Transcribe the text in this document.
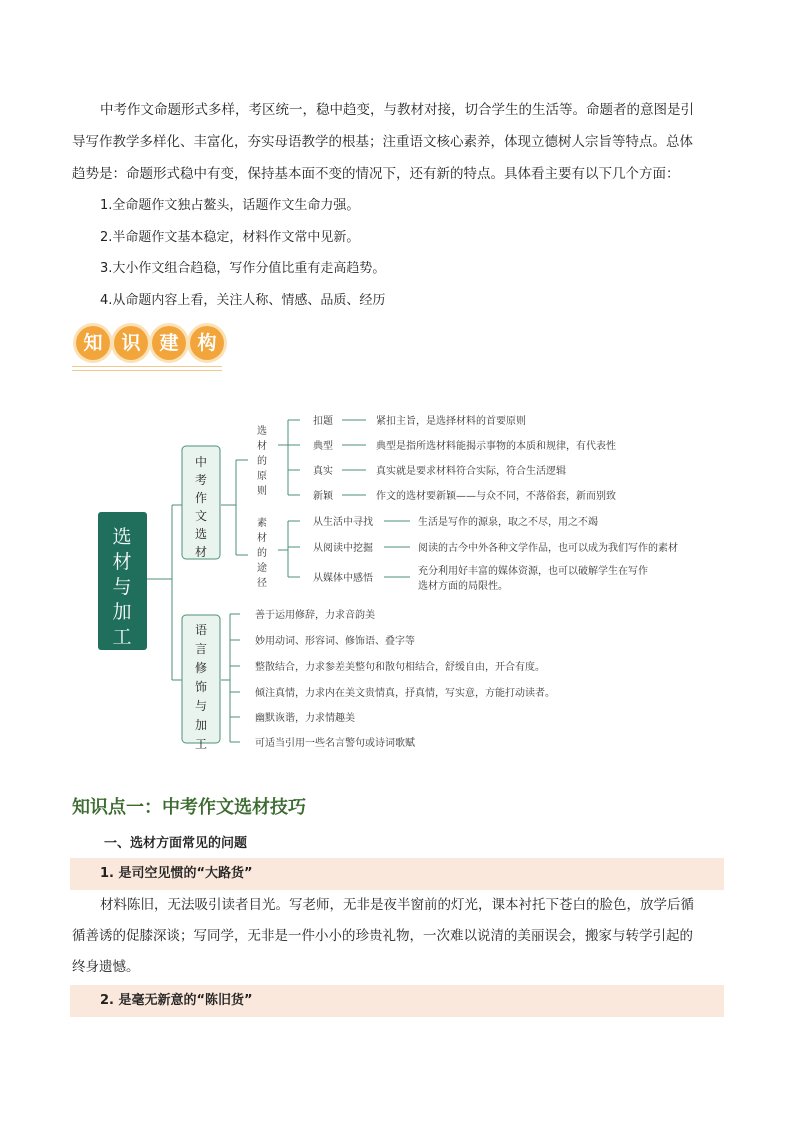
中考作文命题形式多样，考区统一，稳中趋变，与教材对接，切合学生的生活等。命题者的意图是引

导写作教学多样化、丰富化，夯实母语教学的根基；注重语文核心素养，体现立德树人宗旨等特点。总体
趋势是：命题形式稳中有变，保持基本面不变的情况下，还有新的特点。具体看主要有以下几个方面：
1.全命题作文独占鳌头，话题作文生命力强。
2.半命题作文基本稳定，材料作文常中见新。
3.大小作文组合趋稳，写作分值比重有走高趋势。
4.从命题内容上看，关注人称、情感、品质、经历
知 识 建 构
选
材
与
加
工
中
考
作
文
选
材
语
言
修
饰
与
加
工
选
材
的
原
则
素
材
的
途
径
扣题	紧扣主旨，是选择材料的首要原则
典型	典型是指所选材料能揭示事物的本质和规律，有代表性
真实	真实就是要求材料符合实际，符合生活逻辑
新颖	作文的选材要新颖——与众不同，不落俗套，新而别致
从生活中寻找	生活是写作的源泉，取之不尽，用之不竭
从阅读中挖掘	阅读的古今中外各种文学作品，也可以成为我们写作的素材
从媒体中感悟
充分利用好丰富的媒体资源，也可以破解学生在写作
选材方面的局限性。
善于运用修辞，力求音韵美
妙用动词、形容词、修饰语、叠字等
整散结合，力求参差美整句和散句相结合，舒缓自由，开合有度。
倾注真情，力求内在美文贵情真，抒真情，写实意，方能打动读者。
幽默诙谐，力求情趣美
可适当引用一些名言警句或诗词歌赋
知识点一：中考作文选材技巧
一、选材方面常见的问题
1. 是司空见惯的“大路货”

材料陈旧，无法吸引读者目光。写老师，无非是夜半窗前的灯光，课本衬托下苍白的脸色，放学后循

循善诱的促膝深谈；写同学，无非是一件小小的珍贵礼物，一次难以说清的美丽误会，搬家与转学引起的
终身遗憾。
2. 是毫无新意的“陈旧货”
